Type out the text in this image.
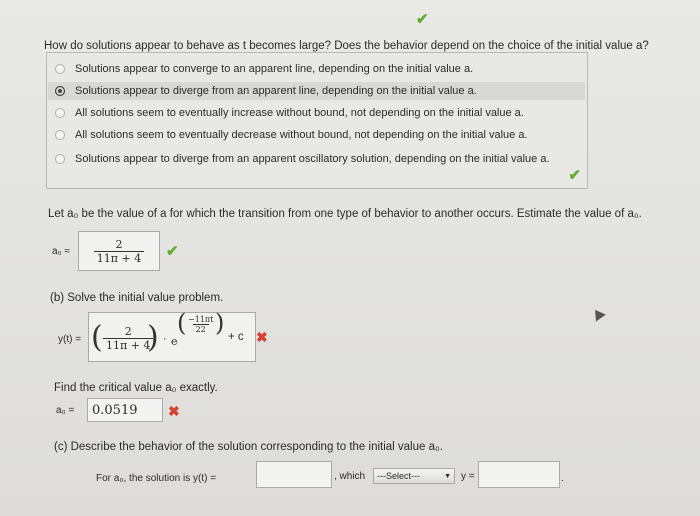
✔
How do solutions appear to behave as t becomes large? Does the behavior depend on the choice of the initial value a?
Solutions appear to converge to an apparent line, depending on the initial value a.
Solutions appear to diverge from an apparent line, depending on the initial value a.
All solutions seem to eventually increase without bound, not depending on the initial value a.
All solutions seem to eventually decrease without bound, not depending on the initial value a.
Solutions appear to diverge from an apparent oscillatory solution, depending on the initial value a.
✔
Let a₀ be the value of a for which the transition from one type of behavior to another occurs. Estimate the value of a₀.
$a_0 \approx \frac{2}{11\pi + 4}$ ✔
(b) Solve the initial value problem.
y(t) = ( $\frac{2}{11\pi + 4}$
) · e
(
$\frac{-11\pi t}{22}$
) + c ✖
Find the critical value a₀ exactly.
a₀ =	0.0519	✖
(c) Describe the behavior of the solution corresponding to the initial value a₀.
For a₀, the solution is y(t) =	, which ---Select---	▼ y =	.
